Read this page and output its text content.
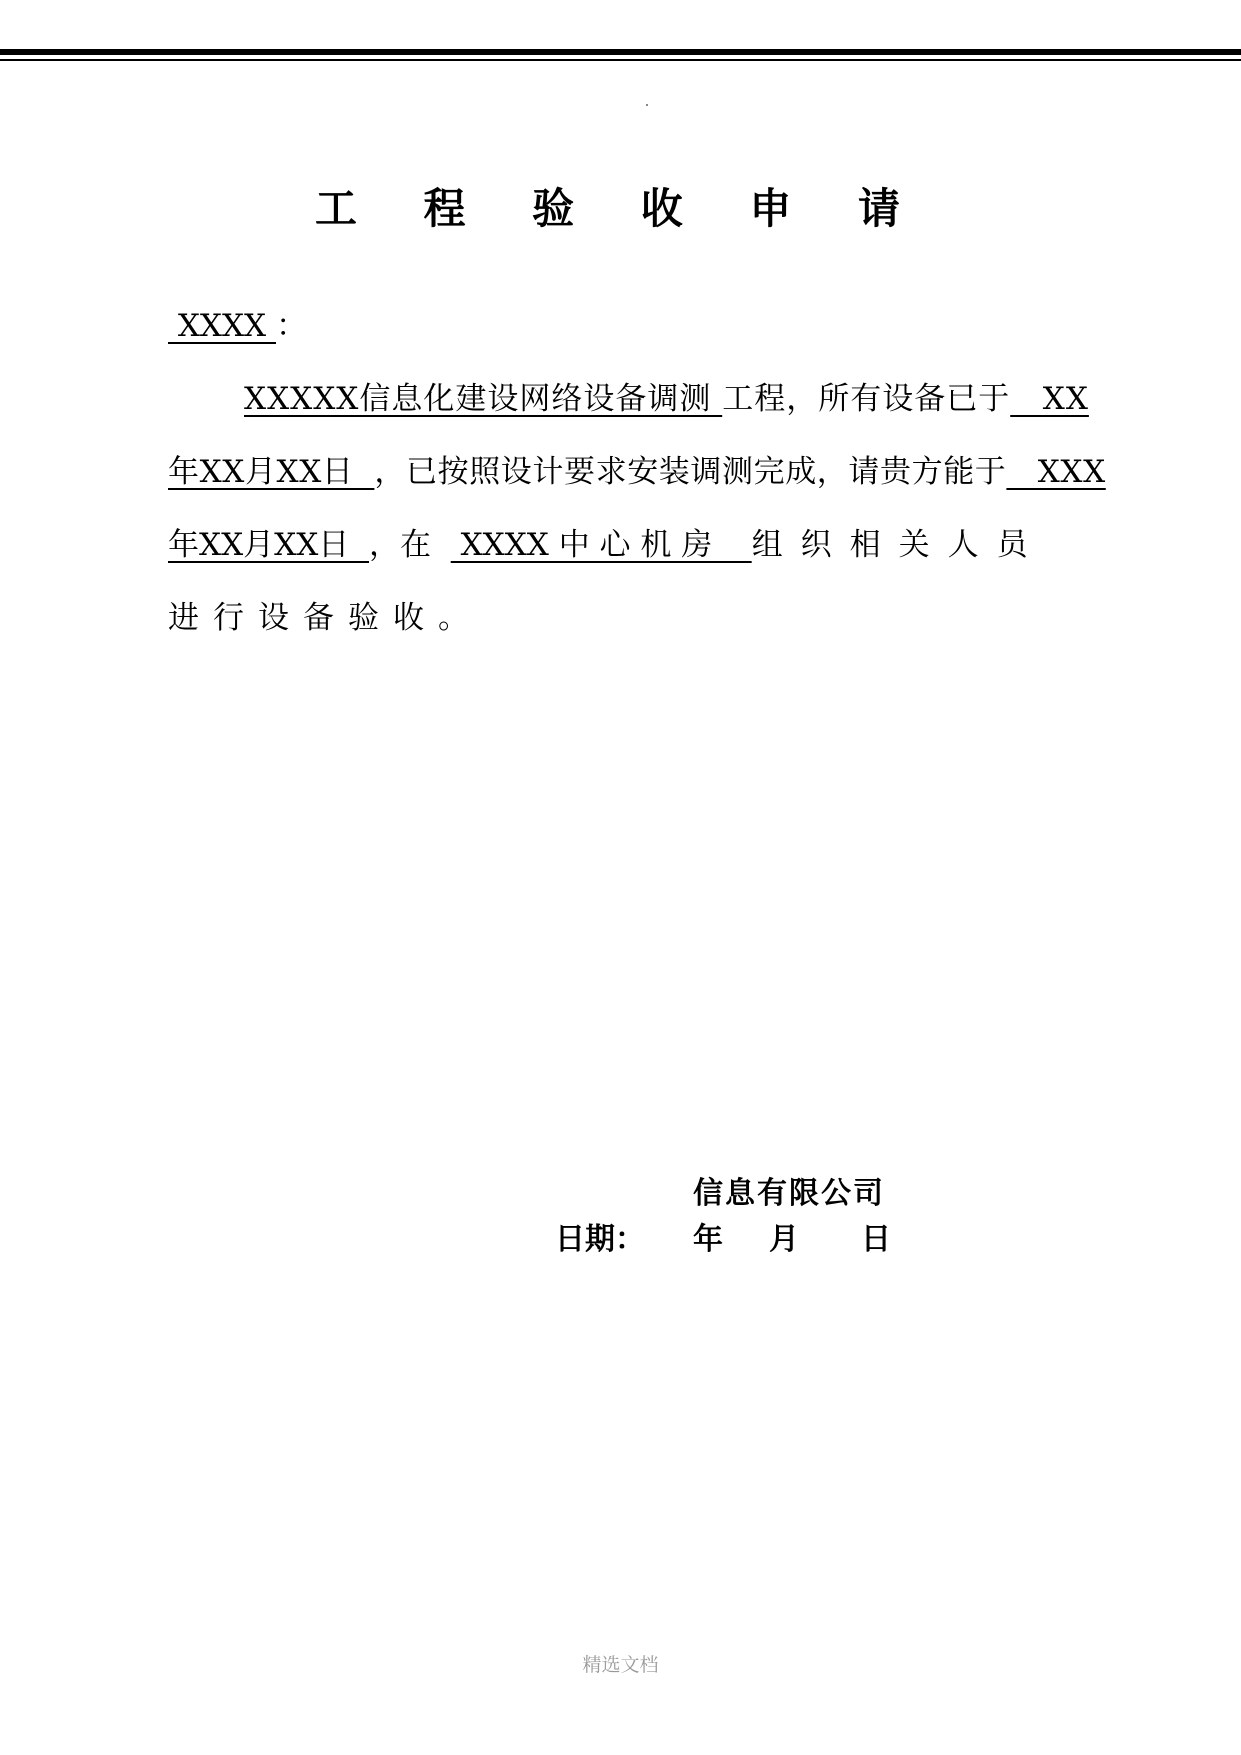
工 程 验 收 申 请
XXXX ：
XXXXX信息化建设网络设备调测 工程，所有设备已于   XX
年XX月XX日  ，已按照设计要求安装调测完成，请贵方能于   XXX
年XX月XX日  ，在   XXXX 中 心 机 房    组织相关人员
进行设备验收。
信息有限公司

日期：

年

月

日

精选文档
